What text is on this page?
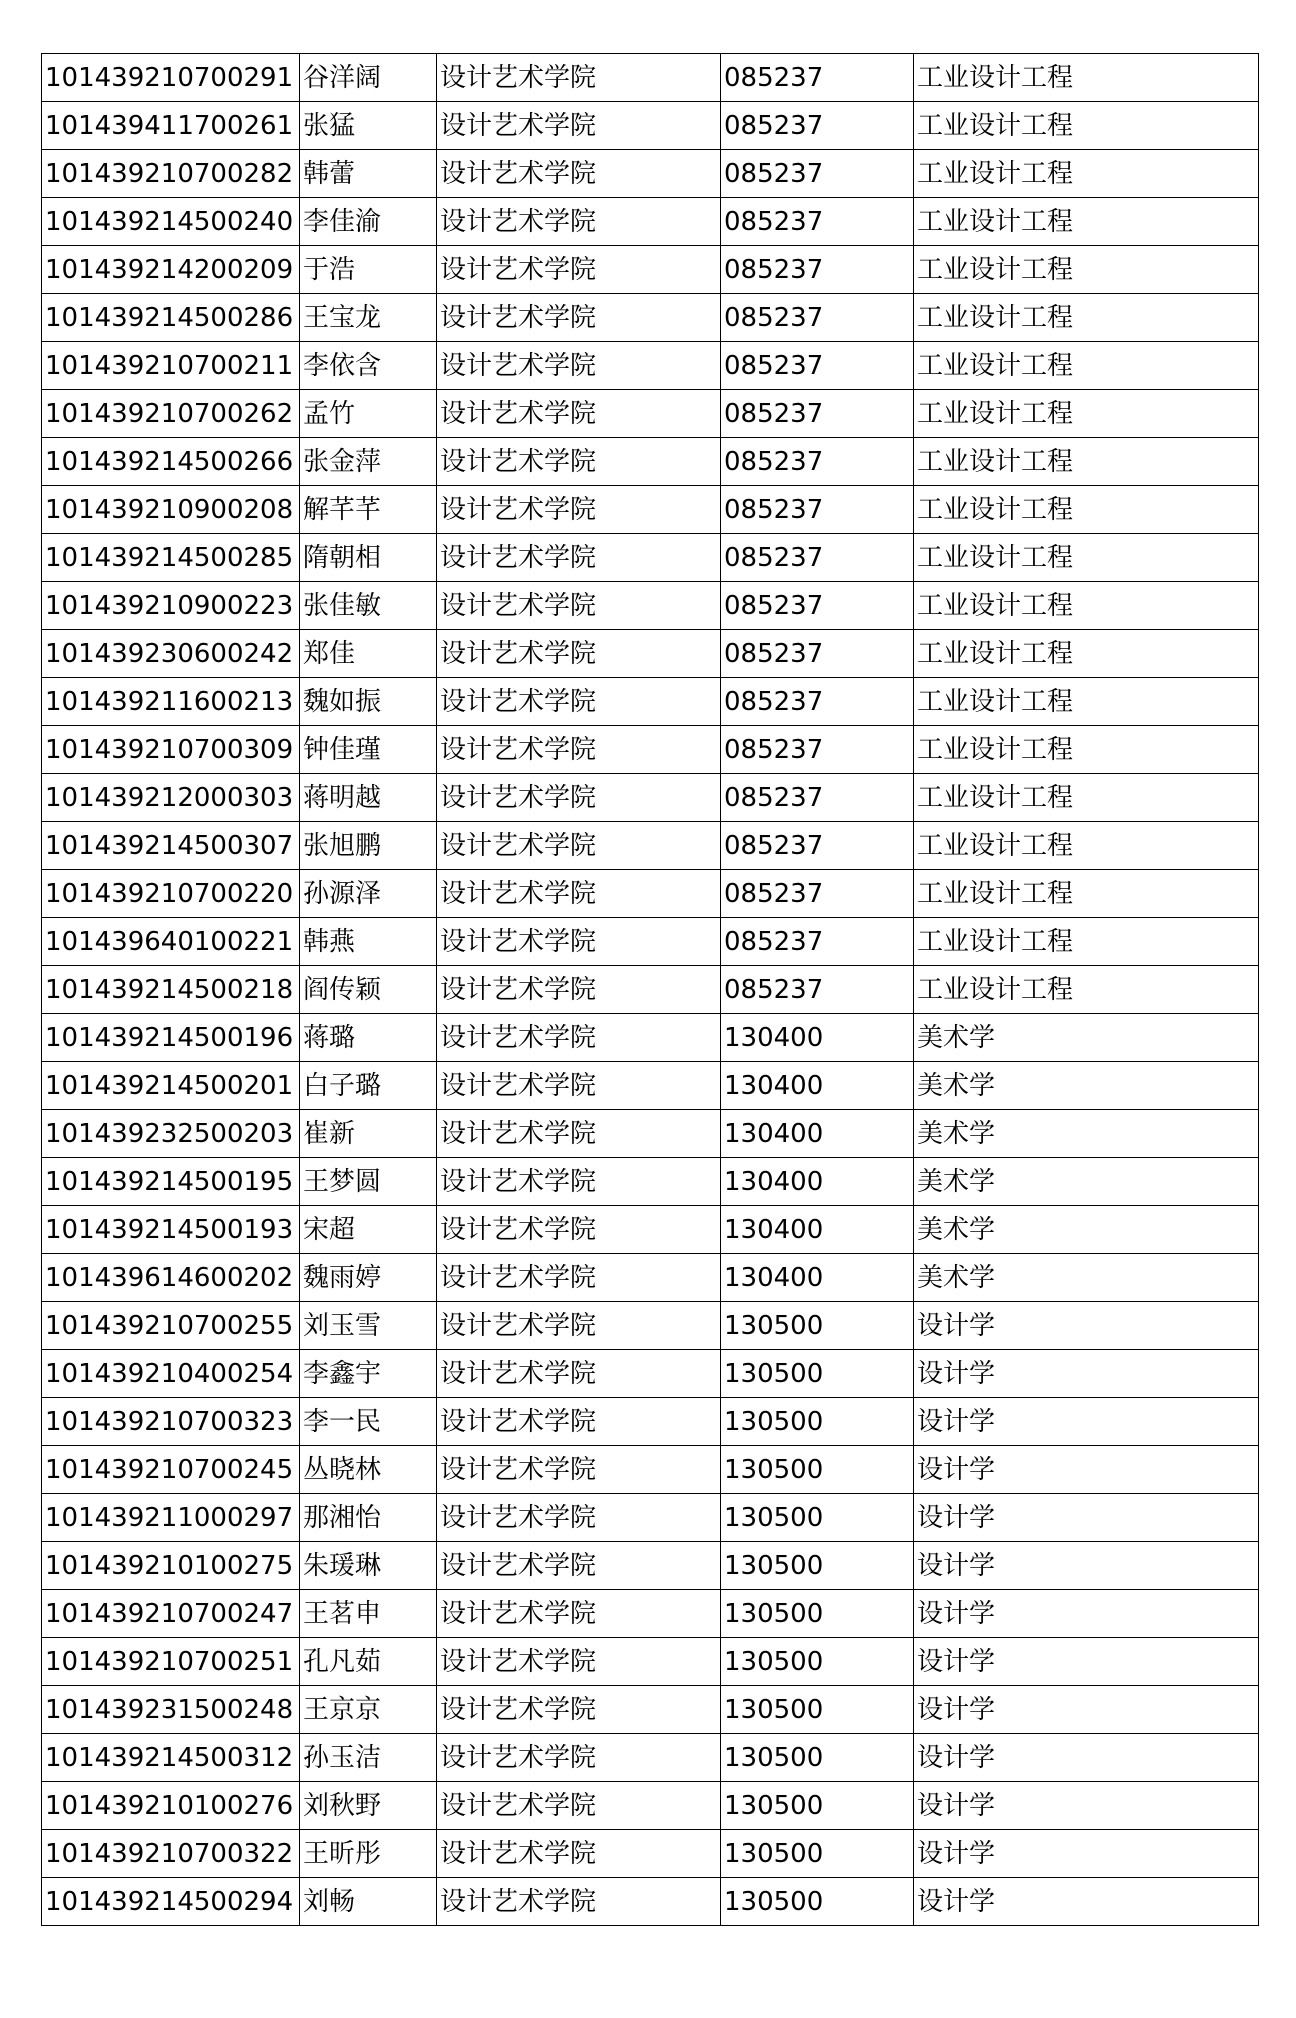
101439210700291	谷洋阔	设计艺术学院	085237	工业设计工程
101439411700261	张猛	设计艺术学院	085237	工业设计工程
101439210700282	韩蕾	设计艺术学院	085237	工业设计工程
101439214500240	李佳渝	设计艺术学院	085237	工业设计工程
101439214200209	于浩	设计艺术学院	085237	工业设计工程
101439214500286	王宝龙	设计艺术学院	085237	工业设计工程
101439210700211	李依含	设计艺术学院	085237	工业设计工程
101439210700262	孟竹	设计艺术学院	085237	工业设计工程
101439214500266	张金萍	设计艺术学院	085237	工业设计工程
101439210900208	解芊芊	设计艺术学院	085237	工业设计工程
101439214500285	隋朝相	设计艺术学院	085237	工业设计工程
101439210900223	张佳敏	设计艺术学院	085237	工业设计工程
101439230600242	郑佳	设计艺术学院	085237	工业设计工程
101439211600213	魏如振	设计艺术学院	085237	工业设计工程
101439210700309	钟佳瑾	设计艺术学院	085237	工业设计工程
101439212000303	蒋明越	设计艺术学院	085237	工业设计工程
101439214500307	张旭鹏	设计艺术学院	085237	工业设计工程
101439210700220	孙源泽	设计艺术学院	085237	工业设计工程
101439640100221	韩燕	设计艺术学院	085237	工业设计工程
101439214500218	阎传颖	设计艺术学院	085237	工业设计工程
101439214500196	蒋璐	设计艺术学院	130400	美术学
101439214500201	白子璐	设计艺术学院	130400	美术学
101439232500203	崔新	设计艺术学院	130400	美术学
101439214500195	王梦圆	设计艺术学院	130400	美术学
101439214500193	宋超	设计艺术学院	130400	美术学
101439614600202	魏雨婷	设计艺术学院	130400	美术学
101439210700255	刘玉雪	设计艺术学院	130500	设计学
101439210400254	李鑫宇	设计艺术学院	130500	设计学
101439210700323	李一民	设计艺术学院	130500	设计学
101439210700245	丛晓林	设计艺术学院	130500	设计学
101439211000297	那湘怡	设计艺术学院	130500	设计学
101439210100275	朱瑗琳	设计艺术学院	130500	设计学
101439210700247	王茗申	设计艺术学院	130500	设计学
101439210700251	孔凡茹	设计艺术学院	130500	设计学
101439231500248	王京京	设计艺术学院	130500	设计学
101439214500312	孙玉洁	设计艺术学院	130500	设计学
101439210100276	刘秋野	设计艺术学院	130500	设计学
101439210700322	王昕彤	设计艺术学院	130500	设计学
101439214500294	刘畅	设计艺术学院	130500	设计学
